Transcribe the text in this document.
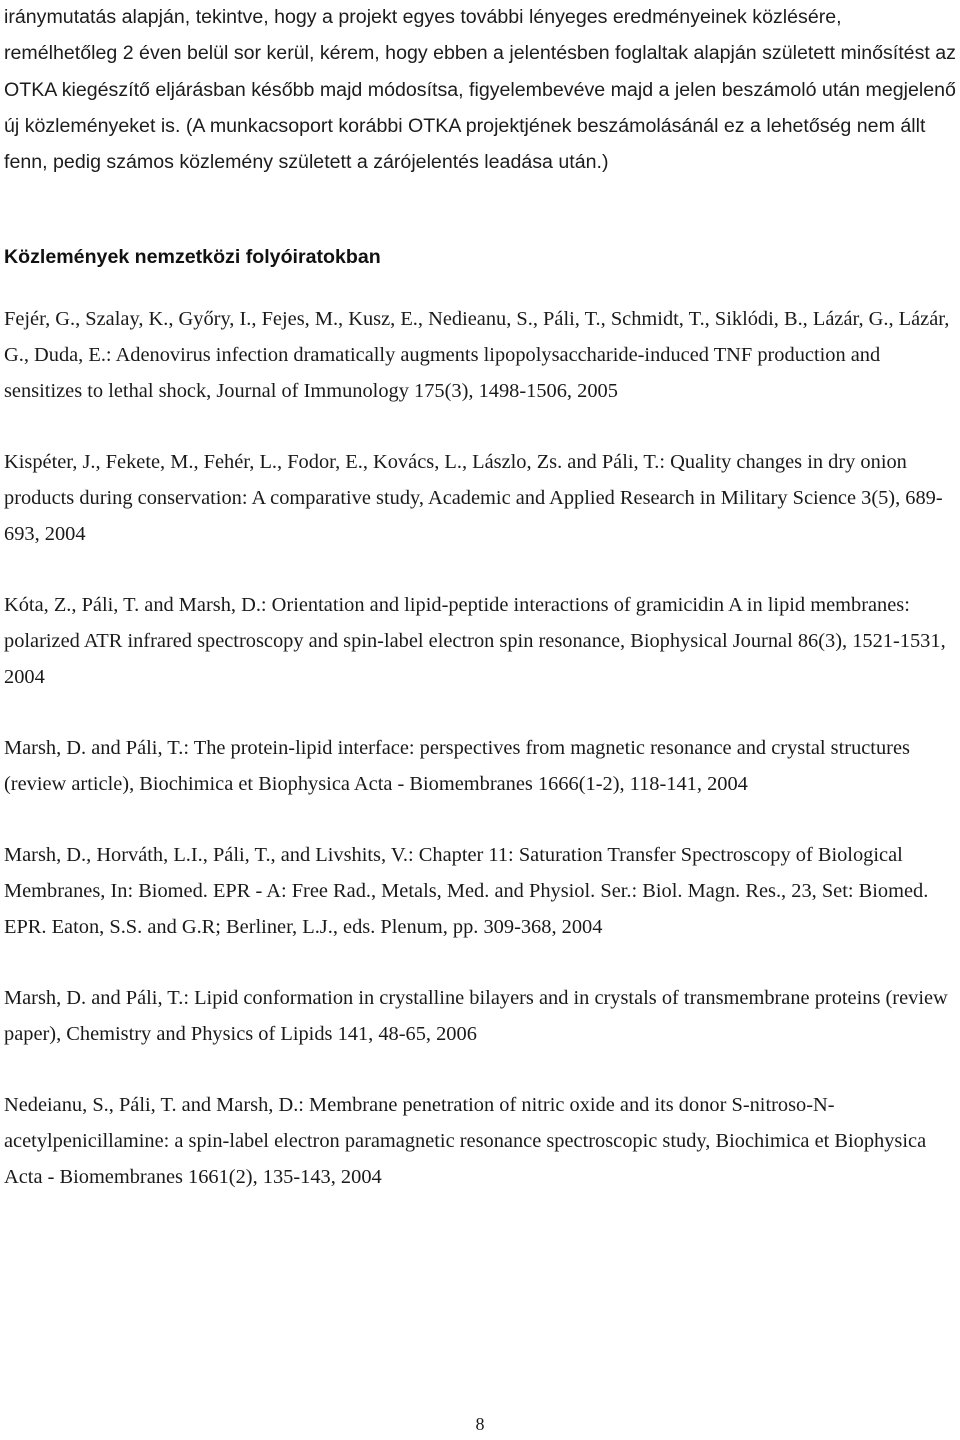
iránymutatás alapján, tekintve, hogy a projekt egyes további lényeges eredményeinek közlésére, remélhetőleg 2 éven belül sor kerül, kérem, hogy ebben a jelentésben foglaltak alapján született minősítést az OTKA kiegészítő eljárásban később majd módosítsa, figyelembevéve majd a jelen beszámoló után megjelenő új közleményeket is. (A munkacsoport korábbi OTKA projektjének beszámolásánál ez a lehetőség nem állt fenn, pedig számos közlemény született a zárójelentés leadása után.)

Közlemények nemzetközi folyóiratokban
Fejér, G., Szalay, K., Győry, I., Fejes, M., Kusz, E., Nedieanu, S., Páli, T., Schmidt, T., Siklódi, B., Lázár, G., Lázár, G., Duda, E.: Adenovirus infection dramatically augments lipopolysaccharide-induced TNF production and sensitizes to lethal shock, Journal of Immunology 175(3), 1498-1506, 2005
Kispéter, J., Fekete, M., Fehér, L., Fodor, E., Kovács, L., Lászlo, Zs. and Páli, T.: Quality changes in dry onion products during conservation: A comparative study, Academic and Applied Research in Military Science 3(5), 689-693, 2004
Kóta, Z., Páli, T. and Marsh, D.: Orientation and lipid-peptide interactions of gramicidin A in lipid membranes: polarized ATR infrared spectroscopy and spin-label electron spin resonance, Biophysical Journal 86(3), 1521-1531, 2004
Marsh, D. and Páli, T.: The protein-lipid interface: perspectives from magnetic resonance and crystal structures (review article), Biochimica et Biophysica Acta - Biomembranes 1666(1-2), 118-141, 2004
Marsh, D., Horváth, L.I., Páli, T., and Livshits, V.: Chapter 11: Saturation Transfer Spectroscopy of Biological Membranes, In: Biomed. EPR - A: Free Rad., Metals, Med. and Physiol. Ser.: Biol. Magn. Res., 23, Set: Biomed. EPR. Eaton, S.S. and G.R; Berliner, L.J., eds. Plenum, pp. 309-368, 2004
Marsh, D. and Páli, T.: Lipid conformation in crystalline bilayers and in crystals of transmembrane proteins (review paper), Chemistry and Physics of Lipids 141, 48-65, 2006
Nedeianu, S., Páli, T. and Marsh, D.: Membrane penetration of nitric oxide and its donor S-nitroso-N-acetylpenicillamine: a spin-label electron paramagnetic resonance spectroscopic study, Biochimica et Biophysica Acta - Biomembranes 1661(2), 135-143, 2004
8
